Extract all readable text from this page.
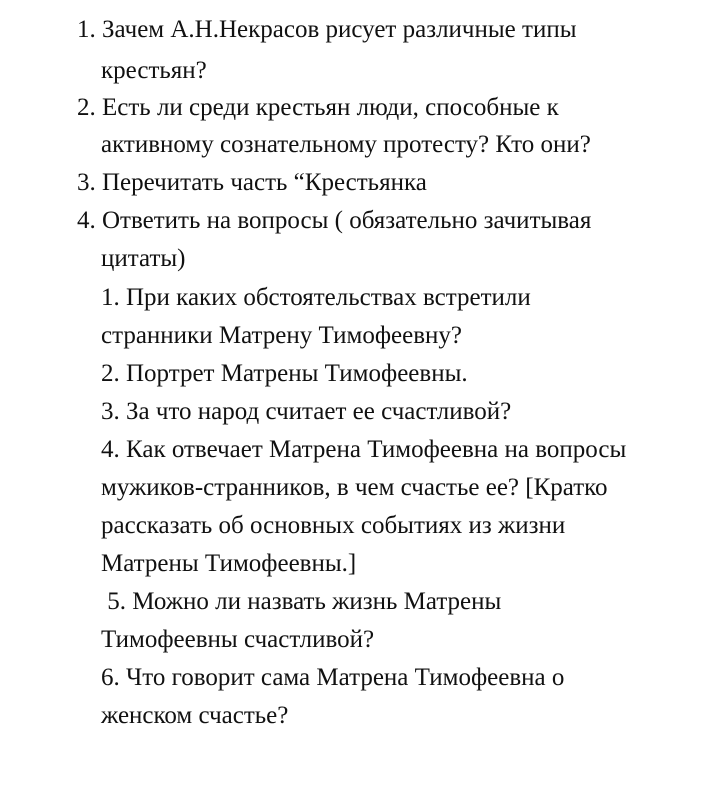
1. Зачем А.Н.Некрасов рисует различные типы
крестьян?
2. Есть ли среди крестьян люди, способные к
активному сознательному протесту? Кто они?
3. Перечитать часть “Крестьянка
4. Ответить на вопросы ( обязательно зачитывая
цитаты)
1. При каких обстоятельствах встретили
странники Матрену Тимофеевну?
2. Портрет Матрены Тимофеевны.
3. За что народ считает ее счастливой?
4. Как отвечает Матрена Тимофеевна на вопросы
мужиков-странников, в чем счастье ее? [Кратко
рассказать об основных событиях из жизни
Матрены Тимофеевны.]
5. Можно ли назвать жизнь Матрены
Тимофеевны счастливой?
6. Что говорит сама Матрена Тимофеевна о
женском счастье?
